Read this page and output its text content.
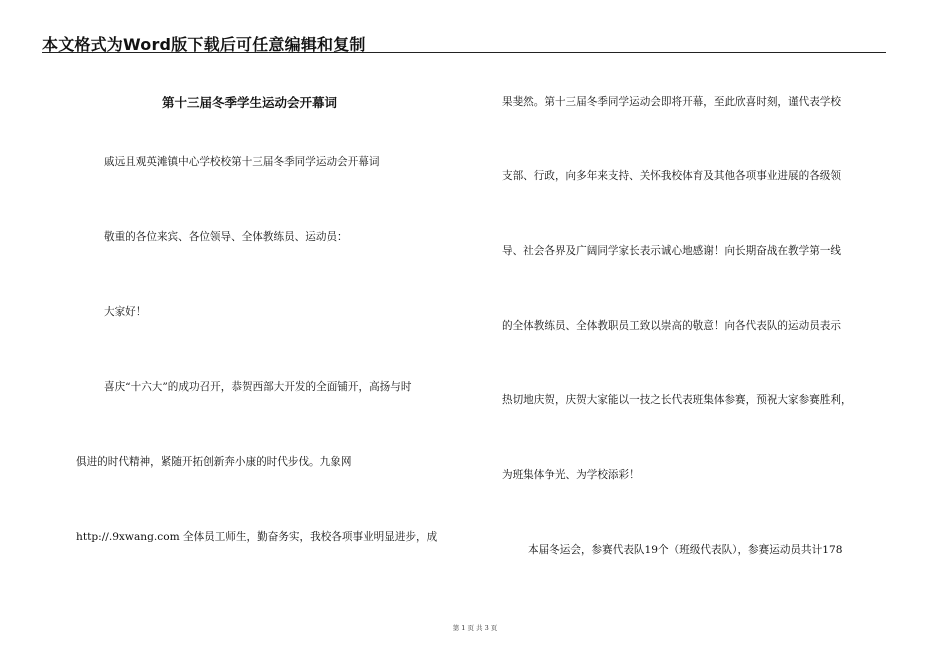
本文格式为Word版下载后可任意编辑和复制
第十三届冬季学生运动会开幕词
戚远且观英滩镇中心学校校第十三届冬季同学运动会开幕词
敬重的各位来宾、各位领导、全体教练员、运动员：
大家好！
喜庆“十六大”的成功召开，恭贺西部大开发的全面铺开，高扬与时
俱进的时代精神，紧随开拓创新奔小康的时代步伐。九象网
http://.9xwang.com 全体员工师生，勤奋务实，我校各项事业明显进步，成
果斐然。第十三届冬季同学运动会即将开幕，至此欣喜时刻，谨代表学校
支部、行政，向多年来支持、关怀我校体育及其他各项事业进展的各级领
导、社会各界及广阔同学家长表示诚心地感谢！向长期奋战在教学第一线
的全体教练员、全体教职员工致以崇高的敬意！向各代表队的运动员表示
热切地庆贺，庆贺大家能以一技之长代表班集体参赛，预祝大家参赛胜利，
为班集体争光、为学校添彩！
本届冬运会，参赛代表队19个（班级代表队），参赛运动员共计178
第 1 页 共 3 页
